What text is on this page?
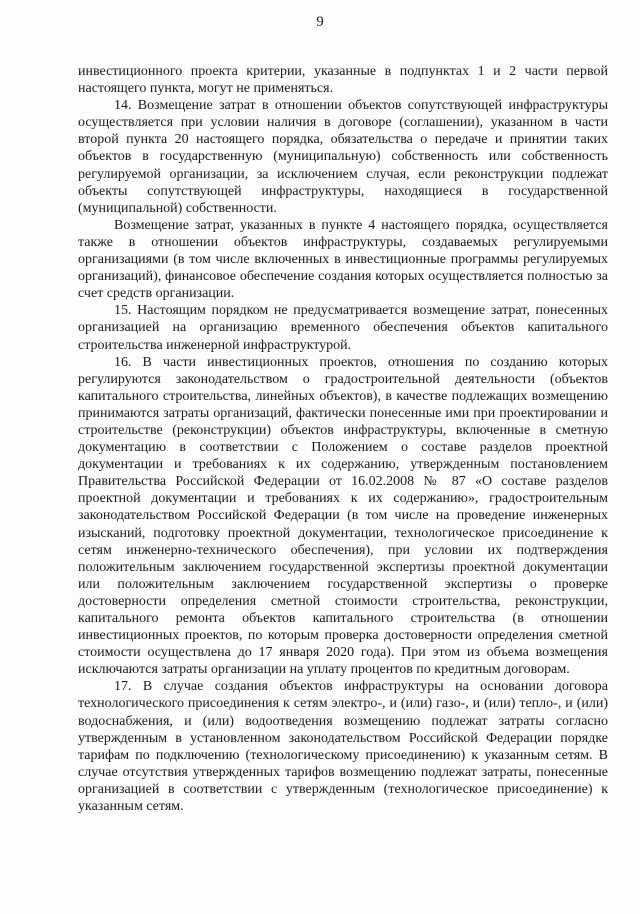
9

инвестиционного проекта критерии, указанные в подпунктах 1 и 2 части первой настоящего пункта, могут не применяться.

14. Возмещение затрат в отношении объектов сопутствующей инфраструктуры осуществляется при условии наличия в договоре (соглашении), указанном в части второй пункта 20 настоящего порядка, обязательства о передаче и принятии таких объектов в государственную (муниципальную) собственность или собственность регулируемой организации, за исключением случая, если реконструкции подлежат объекты сопутствующей инфраструктуры, находящиеся в государственной (муниципальной) собственности.

Возмещение затрат, указанных в пункте 4 настоящего порядка, осуществляется также в отношении объектов инфраструктуры, создаваемых регулируемыми организациями (в том числе включенных в инвестиционные программы регулируемых организаций), финансовое обеспечение создания которых осуществляется полностью за счет средств организации.

15. Настоящим порядком не предусматривается возмещение затрат, понесенных организацией на организацию временного обеспечения объектов капитального строительства инженерной инфраструктурой.

16. В части инвестиционных проектов, отношения по созданию которых регулируются законодательством о градостроительной деятельности (объектов капитального строительства, линейных объектов), в качестве подлежащих возмещению принимаются затраты организаций, фактически понесенные ими при проектировании и строительстве (реконструкции) объектов инфраструктуры, включенные в сметную документацию в соответствии с Положением о составе разделов проектной документации и требованиях к их содержанию, утвержденным постановлением Правительства Российской Федерации от 16.02.2008 № 87 «О составе разделов проектной документации и требованиях к их содержанию», градостроительным законодательством Российской Федерации (в том числе на проведение инженерных изысканий, подготовку проектной документации, технологическое присоединение к сетям инженерно-технического обеспечения), при условии их подтверждения положительным заключением государственной экспертизы проектной документации или положительным заключением государственной экспертизы о проверке достоверности определения сметной стоимости строительства, реконструкции, капитального ремонта объектов капитального строительства (в отношении инвестиционных проектов, по которым проверка достоверности определения сметной стоимости осуществлена до 17 января 2020 года). При этом из объема возмещения исключаются затраты организации на уплату процентов по кредитным договорам.

17. В случае создания объектов инфраструктуры на основании договора технологического присоединения к сетям электро-, и (или) газо-, и (или) тепло-, и (или) водоснабжения, и (или) водоотведения возмещению подлежат затраты согласно утвержденным в установленном законодательством Российской Федерации порядке тарифам по подключению (технологическому присоединению) к указанным сетям. В случае отсутствия утвержденных тарифов возмещению подлежат затраты, понесенные организацией в соответствии с утвержденным (технологическое присоединение) к указанным сетям.
